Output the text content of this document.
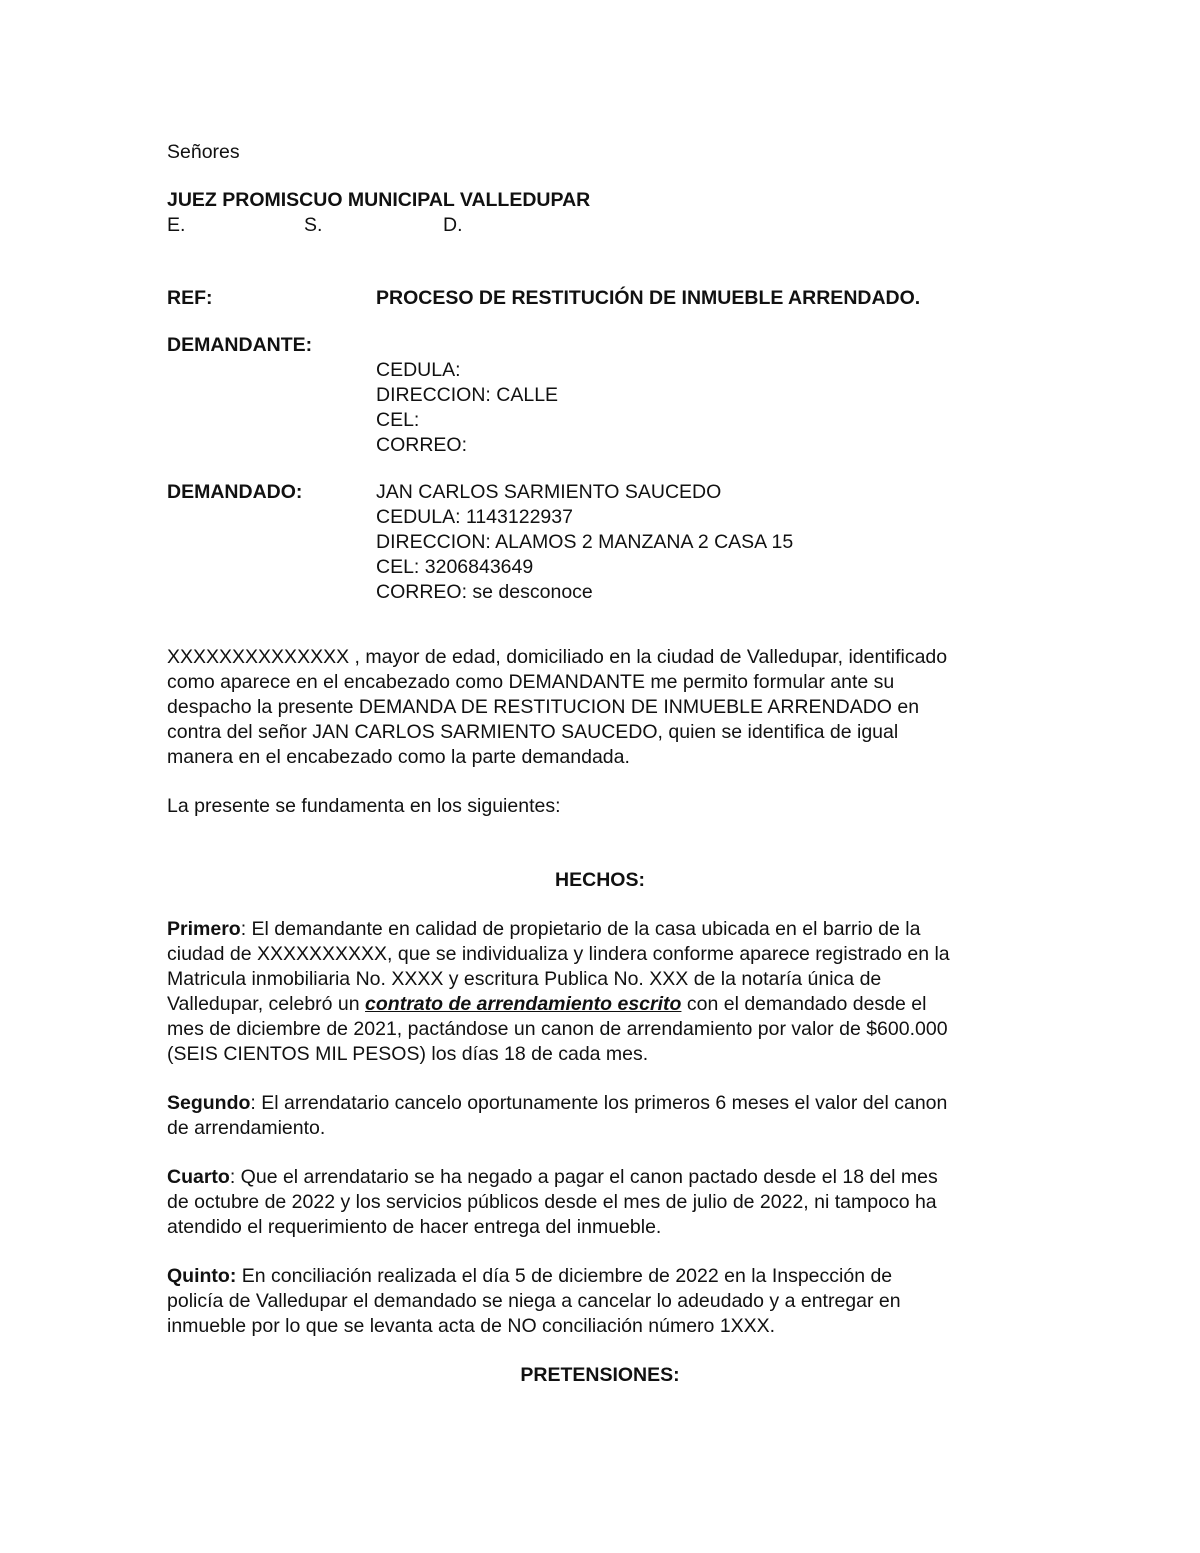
Señores
JUEZ PROMISCUO MUNICIPAL VALLEDUPAR
E.	S.	D.
REF:	PROCESO DE RESTITUCIÓN DE INMUEBLE ARRENDADO.
DEMANDANTE:
CEDULA:
DIRECCION: CALLE
CEL:
CORREO:
DEMANDADO:	JAN CARLOS SARMIENTO SAUCEDO
CEDULA: 1143122937
DIRECCION: ALAMOS 2 MANZANA 2 CASA 15
CEL: 3206843649
CORREO: se desconoce
XXXXXXXXXXXXXX , mayor de edad, domiciliado en la ciudad de Valledupar, identificado
como aparece en el encabezado como DEMANDANTE me permito formular ante su
despacho la presente DEMANDA DE RESTITUCION DE INMUEBLE ARRENDADO en
contra del señor JAN CARLOS SARMIENTO SAUCEDO, quien se identifica de igual
manera en el encabezado como la parte demandada.
La presente se fundamenta en los siguientes:
HECHOS:
Primero: El demandante en calidad de propietario de la casa ubicada en el barrio de la
ciudad de XXXXXXXXXX, que se individualiza y lindera conforme aparece registrado en la
Matricula inmobiliaria No. XXXX y escritura Publica No. XXX de la notaría única de
Valledupar, celebró un contrato de arrendamiento escrito con el demandado desde el
mes de diciembre de 2021, pactándose un canon de arrendamiento por valor de $600.000
(SEIS CIENTOS MIL PESOS) los días 18 de cada mes.
Segundo: El arrendatario cancelo oportunamente los primeros 6 meses el valor del canon
de arrendamiento.
Cuarto: Que el arrendatario se ha negado a pagar el canon pactado desde el 18 del mes
de octubre de 2022 y los servicios públicos desde el mes de julio de 2022, ni tampoco ha
atendido el requerimiento de hacer entrega del inmueble.
Quinto: En conciliación realizada el día 5 de diciembre de 2022 en la Inspección de
policía de Valledupar el demandado se niega a cancelar lo adeudado y a entregar en
inmueble por lo que se levanta acta de NO conciliación número 1XXX.
PRETENSIONES:
